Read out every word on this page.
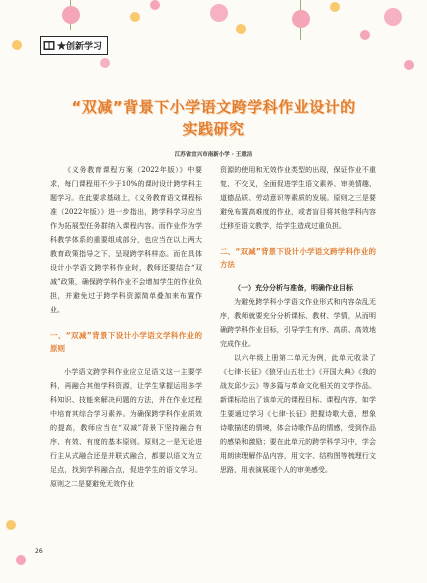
★创新学习
“双减”背景下小学语文跨学科作业设计的
实践研究
江苏省宜兴市南新小学 · 王意洁

《义务教育课程方案（2022年版）》中要求，每门课程用不少于10%的课时设计跨学科主题学习。在此要求基础上，《义务教育语文课程标准（2022年版）》进一步指出，跨学科学习应当作为拓展型任务群纳入课程内容。而作业作为学科教学体系的重要组成部分，也应当在以上两大教育政策指导之下，呈现跨学科样态。而在具体设计小学语文跨学科作业时，教师还要结合“双减”政策，确保跨学科作业不会增加学生的作业负担，并避免过于跨学科资源简单叠加来布置作业。

一、“双减”背景下设计小学语文学科作业的原则

小学语文跨学科作业应立足语文这一主要学科，再融合其他学科资源，让学生掌握运用多学科知识、技能来解决问题的方法，并在作业过程中培育其综合学习素养。为确保跨学科作业质效的提高，教师应当在“双减”背景下坚持融合有序、有效、有度的基本原则。原则之一是无论进行主从式融合还是并联式融合，都要以语文为立足点，找到学科融合点，促进学生的语文学习。原则之二是要避免无效作业

资源的使用和无效作业类型的出现，保证作业不重复、不交叉，全面促进学生语文素养、审美情趣、道德品质、劳动意识等素质的发展。原则之三是要避免布置高难度的作业，或者盲目将其他学科内容迁移至语文教学，给学生造成过重负担。

二、“双减”背景下设计小学语文跨学科作业的方法

（一）充分分析与准备，明确作业目标

为避免跨学科小学语文作业形式和内容杂乱无序，教师就要充分分析课标、教材、学情，从而明确跨学科作业目标，引导学生有序、高质、高效地完成作业。

以六年级上册第二单元为例，此单元收录了《七律·长征》《狼牙山五壮士》《开国大典》《我的战友邱少云》等多篇与革命文化相关的文学作品。新课标给出了该单元的课程目标、课程内容，如学生要通过学习《七律·长征》把握诗歌大意，想象诗歌描述的情境，体会诗歌作品的情感，受到作品的感染和激励；要在此单元的跨学科学习中，学会用朗读理解作品内容，用文字、结构图等梳理行文思路，用表演展现个人的审美感受。

26
